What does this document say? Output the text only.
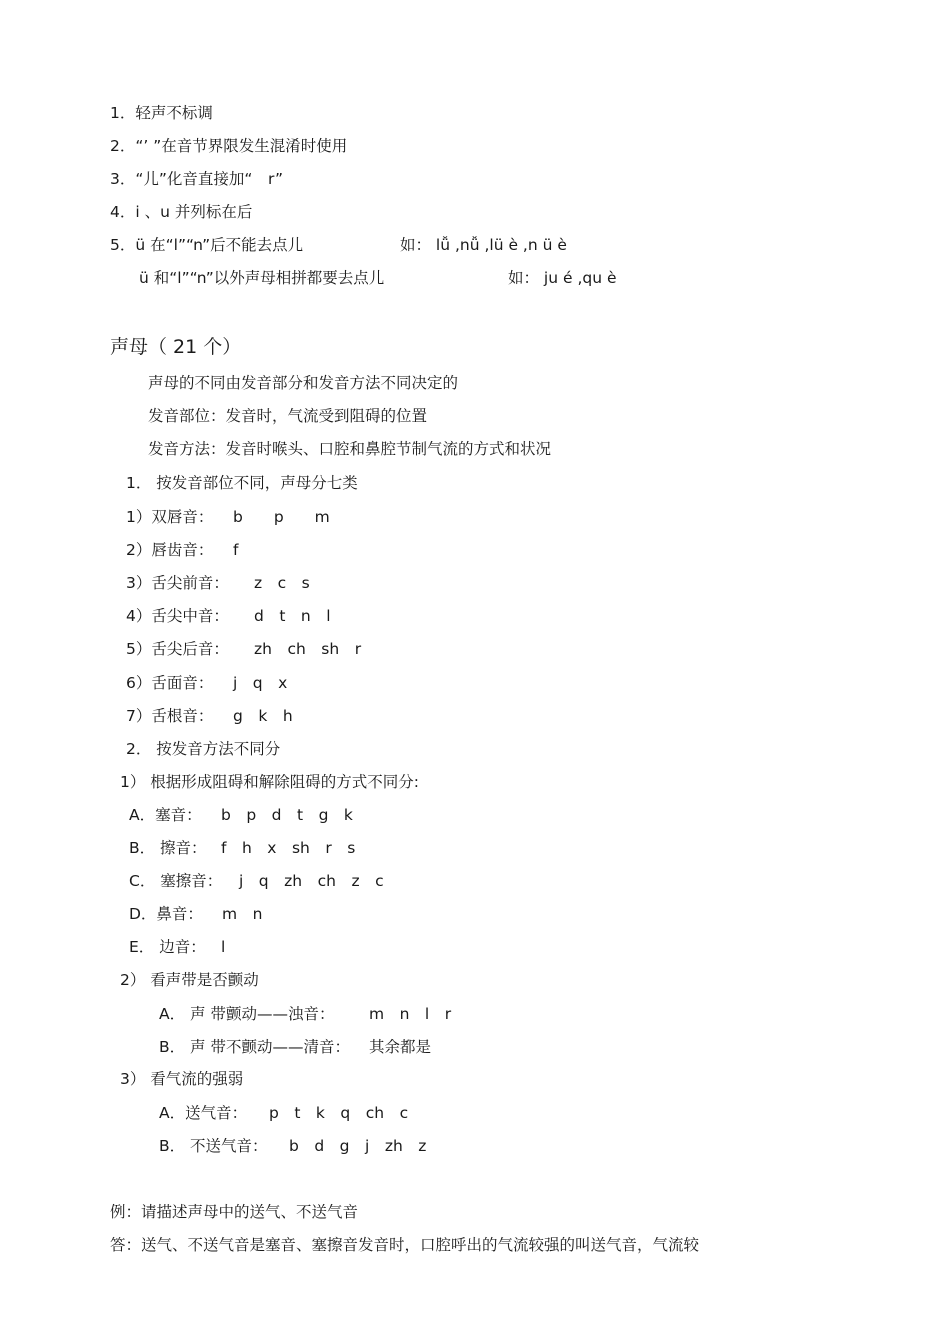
1．轻声不标调
2．“’ ”在音节界限发生混淆时使用
3．“儿”化音直接加“　r”
4．i 、u 并列标在后
5．ü 在“l”“n”后不能去点儿	如： lǚ ,nǚ ,lü è ,n ü è
ü 和“l”“n”以外声母相拼都要去点儿	如： ju é ,qu è
声母（ 21 个）
声母的不同由发音部分和发音方法不同决定的
发音部位：发音时，气流受到阻碍的位置
发音方法：发音时喉头、口腔和鼻腔节制气流的方式和状况
1． 按发音部位不同，声母分七类
1）双唇音： b　　p　　m
2）唇齿音： f
3）舌尖前音： z　c　s
4）舌尖中音： d　t　n　l
5）舌尖后音： zh　ch　sh　r
6）舌面音： j　q　x
7）舌根音： g　k　h
2． 按发音方法不同分
1） 根据形成阻碍和解除阻碍的方式不同分:
A．塞音： b　p　d　t　g　k
B． 擦音： f　h　x　sh　r　s
C． 塞擦音： j　q　zh　ch　z　c
D．鼻音： m　n
E． 边音： l
2） 看声带是否颤动
A． 声 带颤动——浊音： m　n　l　r
B． 声 带不颤动——清音： 其余都是
3） 看气流的强弱
A．送气音： p　t　k　q　ch　c
B． 不送气音： b　d　g　j　zh　z
例：请描述声母中的送气、不送气音
答：送气、不送气音是塞音、塞擦音发音时，口腔呼出的气流较强的叫送气音，气流较
